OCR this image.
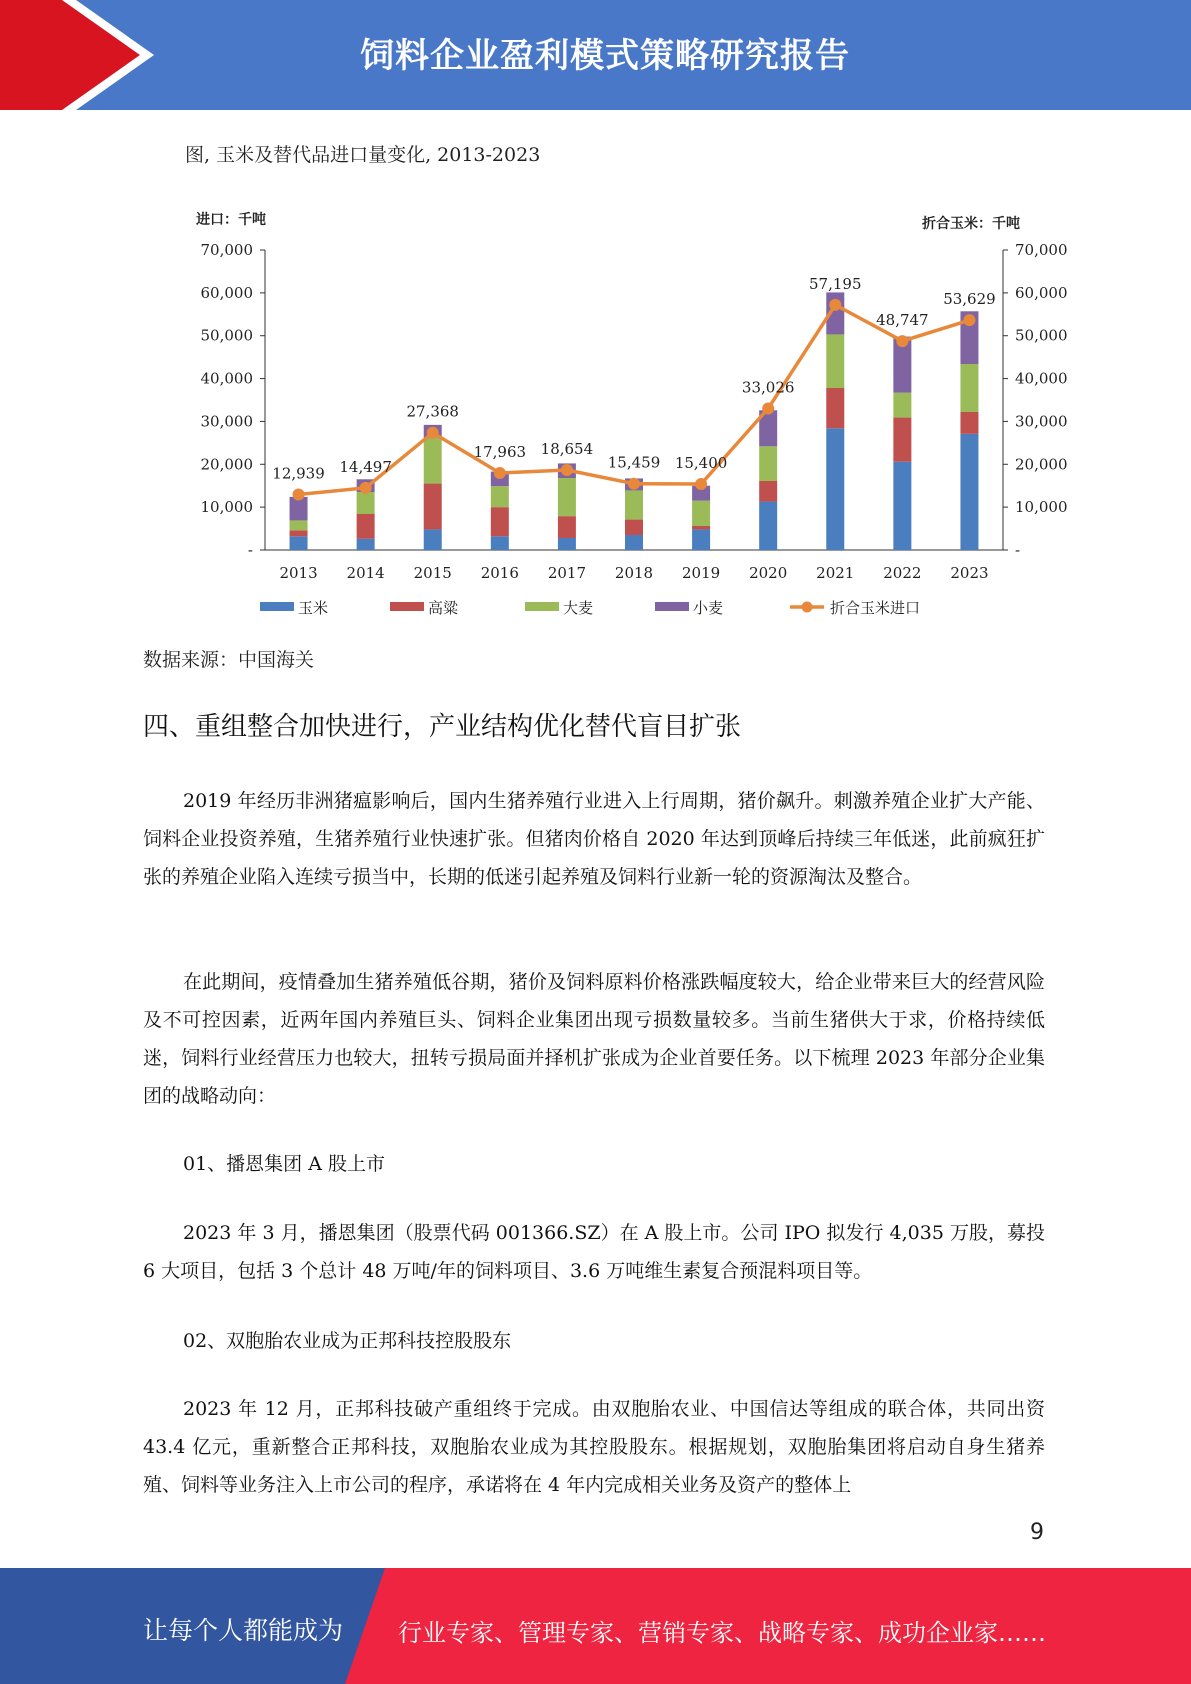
饲料企业盈利模式策略研究报告
图, 玉米及替代品进口量变化, 2013-2023
进口：千吨	折合玉米：千吨
-	-
10,000	10,000
20,000	20,000
30,000	30,000
40,000	40,000
50,000	50,000
60,000	60,000
70,000	70,000
2013 2014 2015 2016 2017 2018 2019 2020 2021 2022 2023
12,939 14,497
27,368
17,963 18,654
15,459 15,400
33,026
57,195
48,747
53,629
玉米	高粱	大麦	小麦	折合玉米进口
数据来源：中国海关
四、重组整合加快进行，产业结构优化替代盲目扩张

2019 年经历非洲猪瘟影响后，国内生猪养殖行业进入上行周期，猪价飙升。刺激养殖企业扩大产能、饲料企业投资养殖，生猪养殖行业快速扩张。但猪肉价格自 2020 年达到顶峰后持续三年低迷，此前疯狂扩张的养殖企业陷入连续亏损当中，长期的低迷引起养殖及饲料行业新一轮的资源淘汰及整合。

在此期间，疫情叠加生猪养殖低谷期，猪价及饲料原料价格涨跌幅度较大，给企业带来巨大的经营风险及不可控因素，近两年国内养殖巨头、饲料企业集团出现亏损数量较多。当前生猪供大于求，价格持续低迷，饲料行业经营压力也较大，扭转亏损局面并择机扩张成为企业首要任务。以下梳理 2023 年部分企业集团的战略动向：

01、播恩集团 A 股上市

2023 年 3 月，播恩集团（股票代码 001366.SZ）在 A 股上市。公司 IPO 拟发行 4,035 万股，募投 6 大项目，包括 3 个总计 48 万吨/年的饲料项目、3.6 万吨维生素复合预混料项目等。

02、双胞胎农业成为正邦科技控股股东

2023 年 12 月，正邦科技破产重组终于完成。由双胞胎农业、中国信达等组成的联合体，共同出资 43.4 亿元，重新整合正邦科技，双胞胎农业成为其控股股东。根据规划，双胞胎集团将启动自身生猪养殖、饲料等业务注入上市公司的程序，承诺将在 4 年内完成相关业务及资产的整体上

9
让每个人都能成为 行业专家、管理专家、营销专家、战略专家、成功企业家……
